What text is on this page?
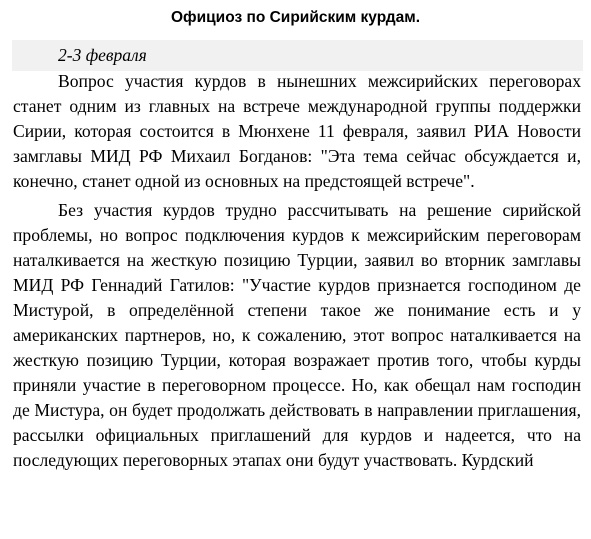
Официоз по Сирийским курдам.
2-3 февраля

Вопрос участия курдов в нынешних межсирийских переговорах станет одним из главных на встрече международной группы поддержки Сирии, которая состоится в Мюнхене 11 февраля, заявил РИА Новости замглавы МИД РФ Михаил Богданов: "Эта тема сейчас обсуждается и, конечно, станет одной из основных на предстоящей встрече".

Без участия курдов трудно рассчитывать на решение сирийской проблемы, но вопрос подключения курдов к межсирийским переговорам наталкивается на жесткую позицию Турции, заявил во вторник замглавы МИД РФ Геннадий Гатилов: "Участие курдов признается господином де Мистурой, в определённой степени такое же понимание есть и у американских партнеров, но, к сожалению, этот вопрос наталкивается на жесткую позицию Турции, которая возражает против того, чтобы курды приняли участие в переговорном процессе. Но, как обещал нам господин де Мистура, он будет продолжать действовать в направлении приглашения, рассылки официальных приглашений для курдов и надеется, что на последующих переговорных этапах они будут участвовать. Курдский
